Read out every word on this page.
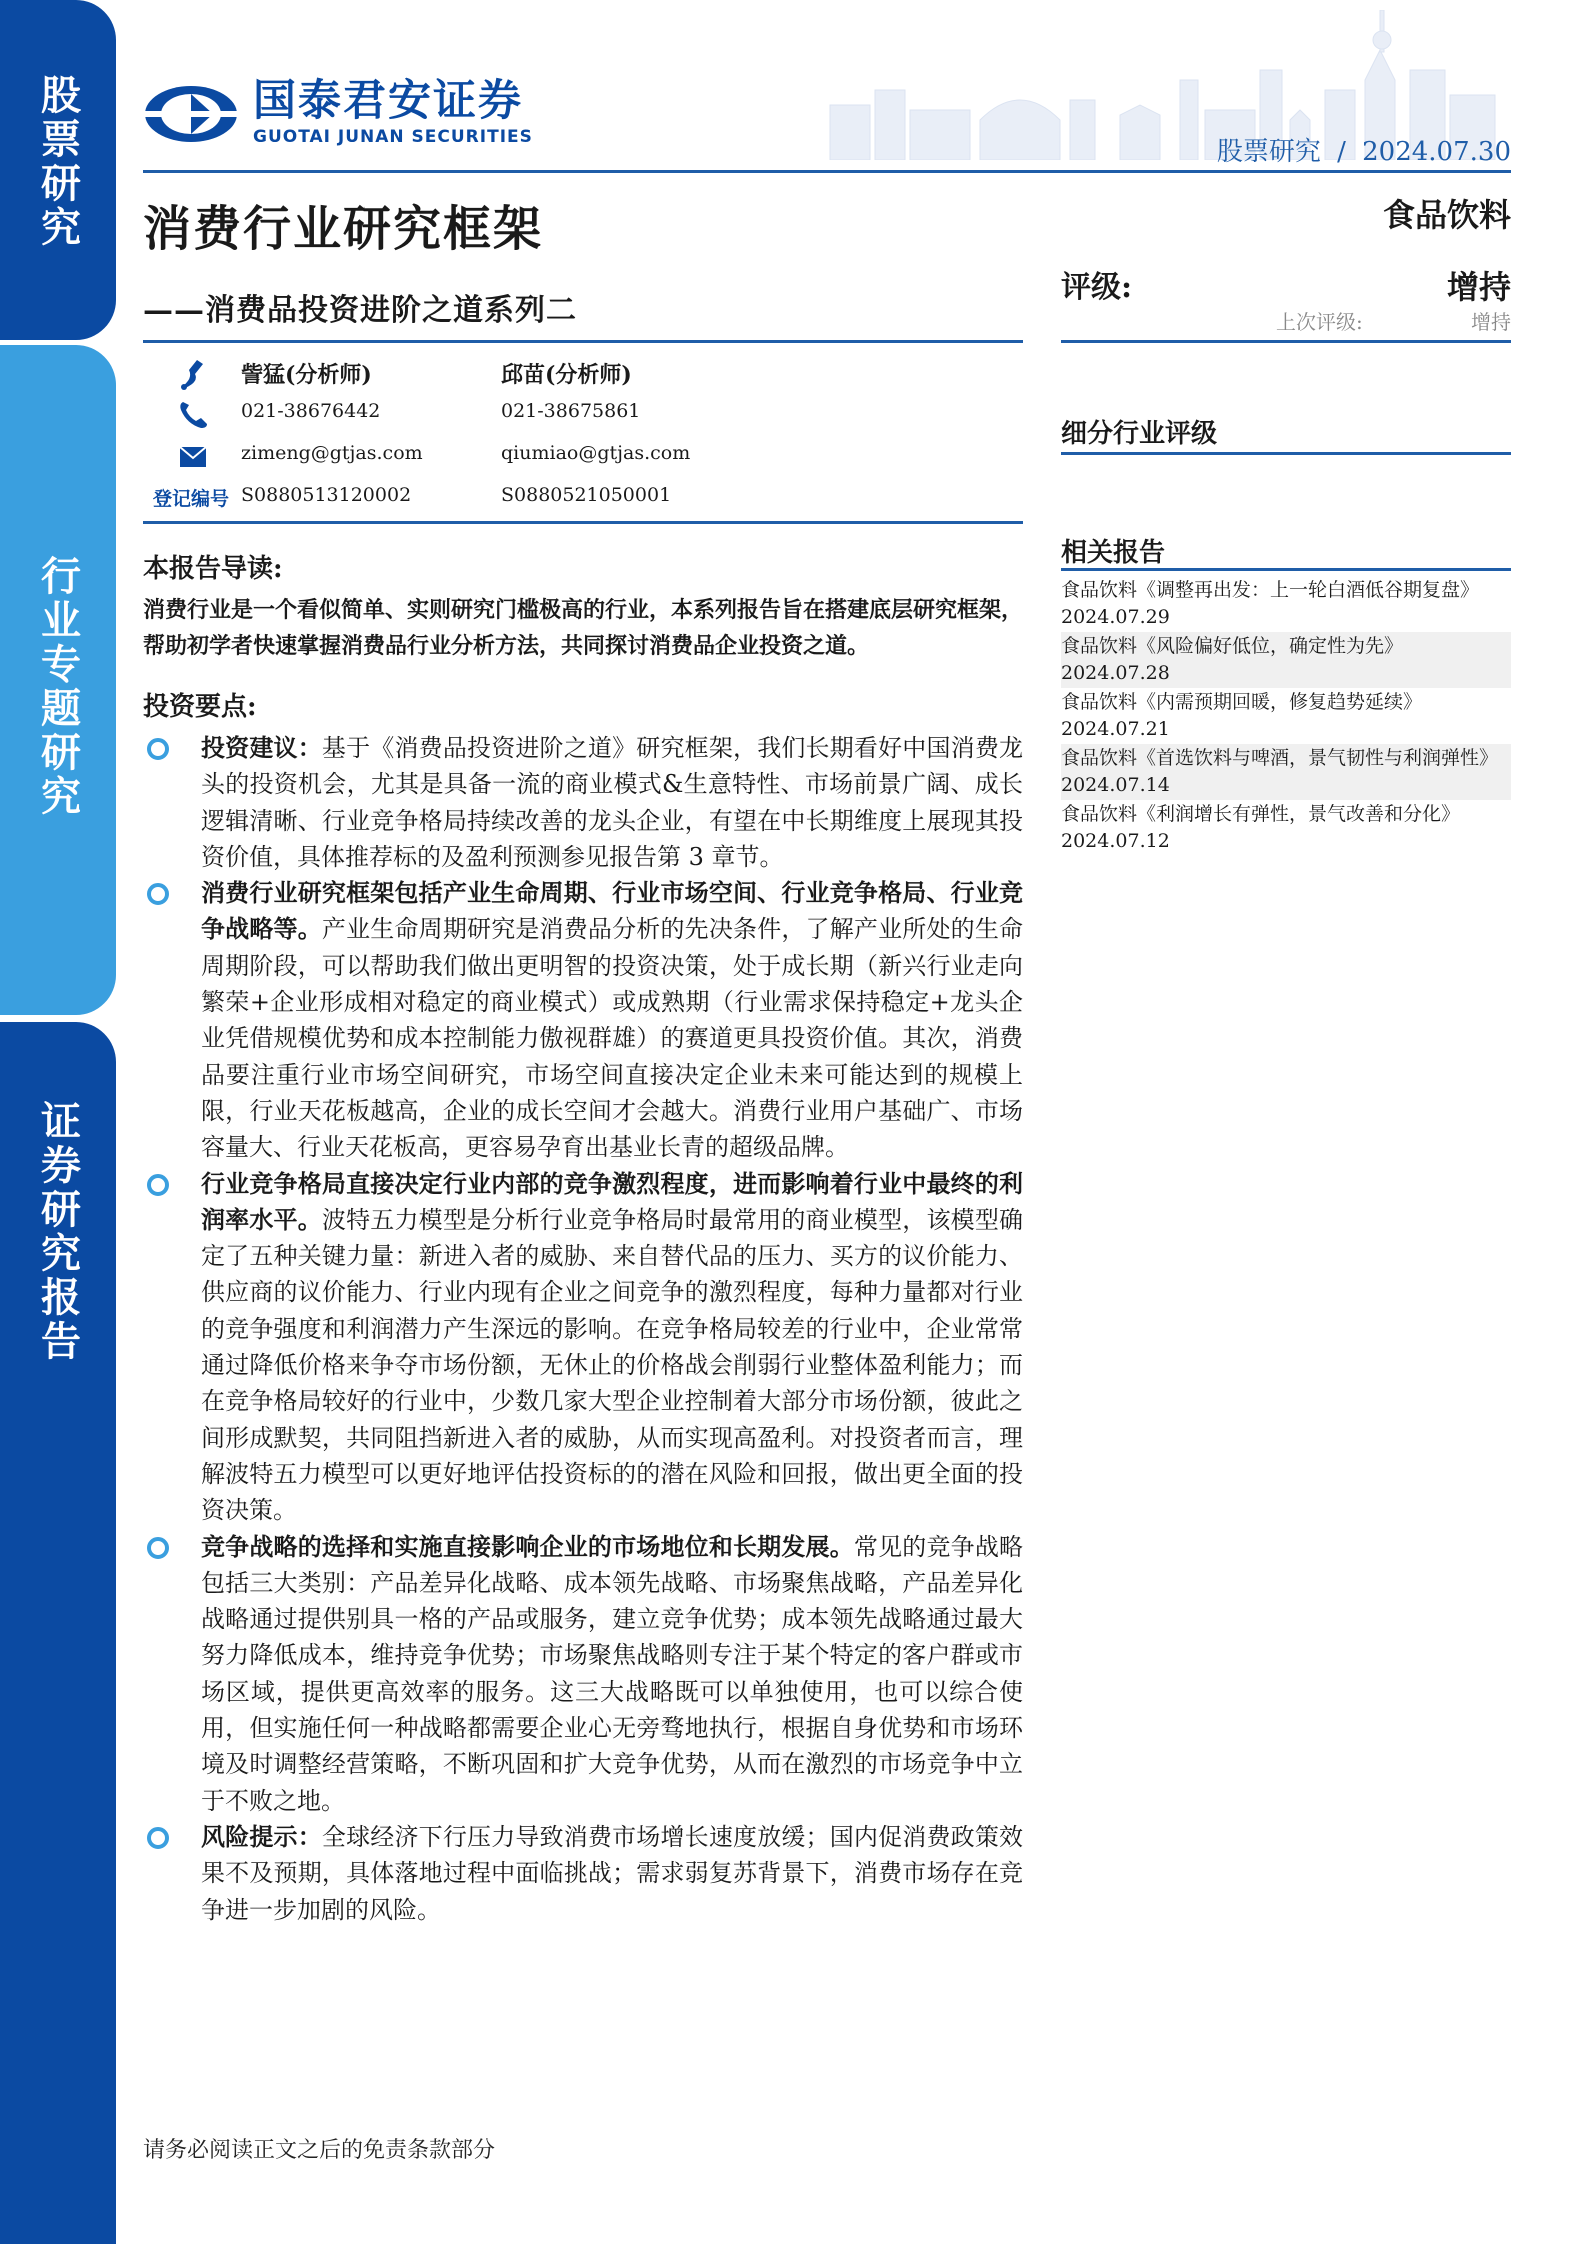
股票研究
行业专题研究
证券研究报告
国泰君安证券
GUOTAI JUNAN SECURITIES	股票研究 / 2024.07.30
消费行业研究框架	食品饮料
——消费品投资进阶之道系列二
訾猛(分析师)	邱苗(分析师)
021-38676442	021-38675861
zimeng@gtjas.com	qiumiao@gtjas.com
登记编号 S0880513120002	S0880521050001
评级:	增持
上次评级:	增持
细分行业评级
相关报告
食品饮料《调整再出发：上一轮白酒低谷期复盘》2024.07.29
食品饮料《风险偏好低位，确定性为先》2024.07.28
食品饮料《内需预期回暖，修复趋势延续》2024.07.21
食品饮料《首选饮料与啤酒，景气韧性与利润弹性》2024.07.14
食品饮料《利润增长有弹性，景气改善和分化》2024.07.12
本报告导读:
消费行业是一个看似简单、实则研究门槛极高的行业，本系列报告旨在搭建底层研究框架，帮助初学者快速掌握消费品行业分析方法，共同探讨消费品企业投资之道。
投资要点:

投资建议：基于《消费品投资进阶之道》研究框架，我们长期看好中国消费龙头的投资机会，尤其是具备一流的商业模式&生意特性、市场前景广阔、成长逻辑清晰、行业竞争格局持续改善的龙头企业，有望在中长期维度上展现其投资价值，具体推荐标的及盈利预测参见报告第 3 章节。

消费行业研究框架包括产业生命周期、行业市场空间、行业竞争格局、行业竞争战略等。产业生命周期研究是消费品分析的先决条件，了解产业所处的生命周期阶段，可以帮助我们做出更明智的投资决策，处于成长期（新兴行业走向繁荣+企业形成相对稳定的商业模式）或成熟期（行业需求保持稳定+龙头企业凭借规模优势和成本控制能力傲视群雄）的赛道更具投资价值。其次，消费品要注重行业市场空间研究，市场空间直接决定企业未来可能达到的规模上限，行业天花板越高，企业的成长空间才会越大。消费行业用户基础广、市场容量大、行业天花板高，更容易孕育出基业长青的超级品牌。

行业竞争格局直接决定行业内部的竞争激烈程度，进而影响着行业中最终的利润率水平。波特五力模型是分析行业竞争格局时最常用的商业模型，该模型确定了五种关键力量：新进入者的威胁、来自替代品的压力、买方的议价能力、供应商的议价能力、行业内现有企业之间竞争的激烈程度，每种力量都对行业的竞争强度和利润潜力产生深远的影响。在竞争格局较差的行业中，企业常常通过降低价格来争夺市场份额，无休止的价格战会削弱行业整体盈利能力；而在竞争格局较好的行业中，少数几家大型企业控制着大部分市场份额，彼此之间形成默契，共同阻挡新进入者的威胁，从而实现高盈利。对投资者而言，理解波特五力模型可以更好地评估投资标的的潜在风险和回报，做出更全面的投资决策。

竞争战略的选择和实施直接影响企业的市场地位和长期发展。常见的竞争战略包括三大类别：产品差异化战略、成本领先战略、市场聚焦战略，产品差异化战略通过提供别具一格的产品或服务，建立竞争优势；成本领先战略通过最大努力降低成本，维持竞争优势；市场聚焦战略则专注于某个特定的客户群或市场区域，提供更高效率的服务。这三大战略既可以单独使用，也可以综合使用，但实施任何一种战略都需要企业心无旁骛地执行，根据自身优势和市场环境及时调整经营策略，不断巩固和扩大竞争优势，从而在激烈的市场竞争中立于不败之地。

风险提示：全球经济下行压力导致消费市场增长速度放缓；国内促消费政策效果不及预期，具体落地过程中面临挑战；需求弱复苏背景下，消费市场存在竞争进一步加剧的风险。

请务必阅读正文之后的免责条款部分
